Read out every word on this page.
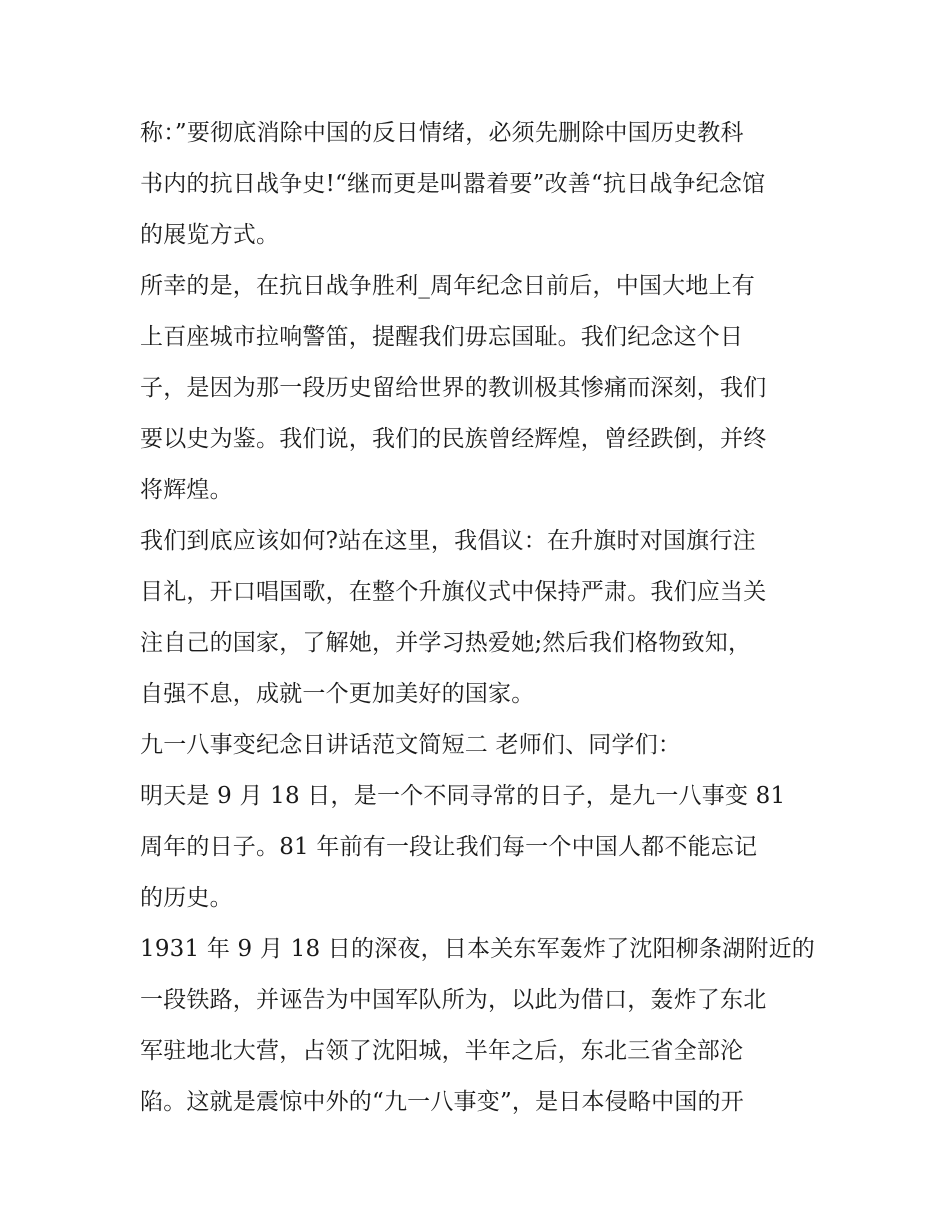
称：”要彻底消除中国的反日情绪，必须先删除中国历史教科
书内的抗日战争史!“继而更是叫嚣着要”改善“抗日战争纪念馆
的展览方式。
所幸的是，在抗日战争胜利_周年纪念日前后，中国大地上有
上百座城市拉响警笛，提醒我们毋忘国耻。我们纪念这个日
子，是因为那一段历史留给世界的教训极其惨痛而深刻，我们
要以史为鉴。我们说，我们的民族曾经辉煌，曾经跌倒，并终
将辉煌。
我们到底应该如何?站在这里，我倡议：在升旗时对国旗行注
目礼，开口唱国歌，在整个升旗仪式中保持严肃。我们应当关
注自己的国家，了解她，并学习热爱她;然后我们格物致知，
自强不息，成就一个更加美好的国家。
九一八事变纪念日讲话范文简短二 老师们、同学们：
明天是 9 月 18 日，是一个不同寻常的日子，是九一八事变 81
周年的日子。81 年前有一段让我们每一个中国人都不能忘记
的历史。
1931 年 9 月 18 日的深夜，日本关东军轰炸了沈阳柳条湖附近的
一段铁路，并诬告为中国军队所为，以此为借口，轰炸了东北
军驻地北大营，占领了沈阳城，半年之后，东北三省全部沦
陷。这就是震惊中外的“九一八事变”，是日本侵略中国的开
